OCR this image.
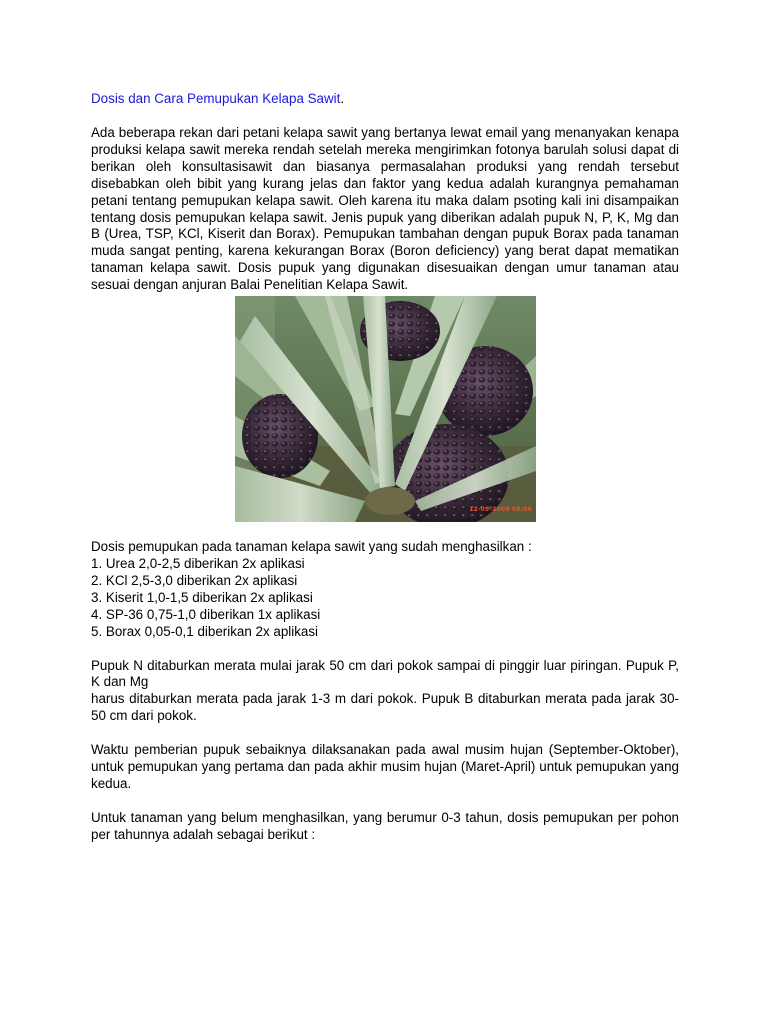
Dosis dan Cara Pemupukan Kelapa Sawit.

Ada beberapa rekan dari petani kelapa sawit yang bertanya lewat email yang menanyakan kenapa produksi kelapa sawit mereka rendah setelah mereka mengirimkan fotonya barulah solusi dapat di berikan oleh konsultasisawit dan biasanya permasalahan produksi yang rendah tersebut disebabkan oleh bibit yang kurang jelas dan faktor yang kedua adalah kurangnya pemahaman petani tentang pemupukan kelapa sawit. Oleh karena itu maka dalam psoting kali ini disampaikan tentang dosis pemupukan kelapa sawit. Jenis pupuk yang diberikan adalah pupuk N, P, K, Mg dan B (Urea, TSP, KCl, Kiserit dan Borax). Pemupukan tambahan dengan pupuk Borax pada tanaman muda sangat penting, karena kekurangan Borax (Boron deficiency) yang berat dapat mematikan tanaman kelapa sawit. Dosis pupuk yang digunakan disesuaikan dengan umur tanaman atau sesuai dengan anjuran Balai Penelitian Kelapa Sawit.

12-09-2009 08:06

Dosis pemupukan pada tanaman kelapa sawit yang sudah menghasilkan :

1. Urea 2,0-2,5 diberikan 2x aplikasi
2. KCl 2,5-3,0 diberikan 2x aplikasi
3. Kiserit 1,0-1,5 diberikan 2x aplikasi
4. SP-36 0,75-1,0 diberikan 1x aplikasi
5. Borax 0,05-0,1 diberikan 2x aplikasi

Pupuk N ditaburkan merata mulai jarak 50 cm dari pokok sampai di pinggir luar piringan. Pupuk P, K dan Mg

harus ditaburkan merata pada jarak 1-3 m dari pokok. Pupuk B ditaburkan merata pada jarak 30-50 cm dari pokok.

Waktu pemberian pupuk sebaiknya dilaksanakan pada awal musim hujan (September-Oktober), untuk pemupukan yang pertama dan pada akhir musim hujan (Maret-April) untuk pemupukan yang kedua.

Untuk tanaman yang belum menghasilkan, yang berumur 0-3 tahun, dosis pemupukan per pohon per tahunnya adalah sebagai berikut :
